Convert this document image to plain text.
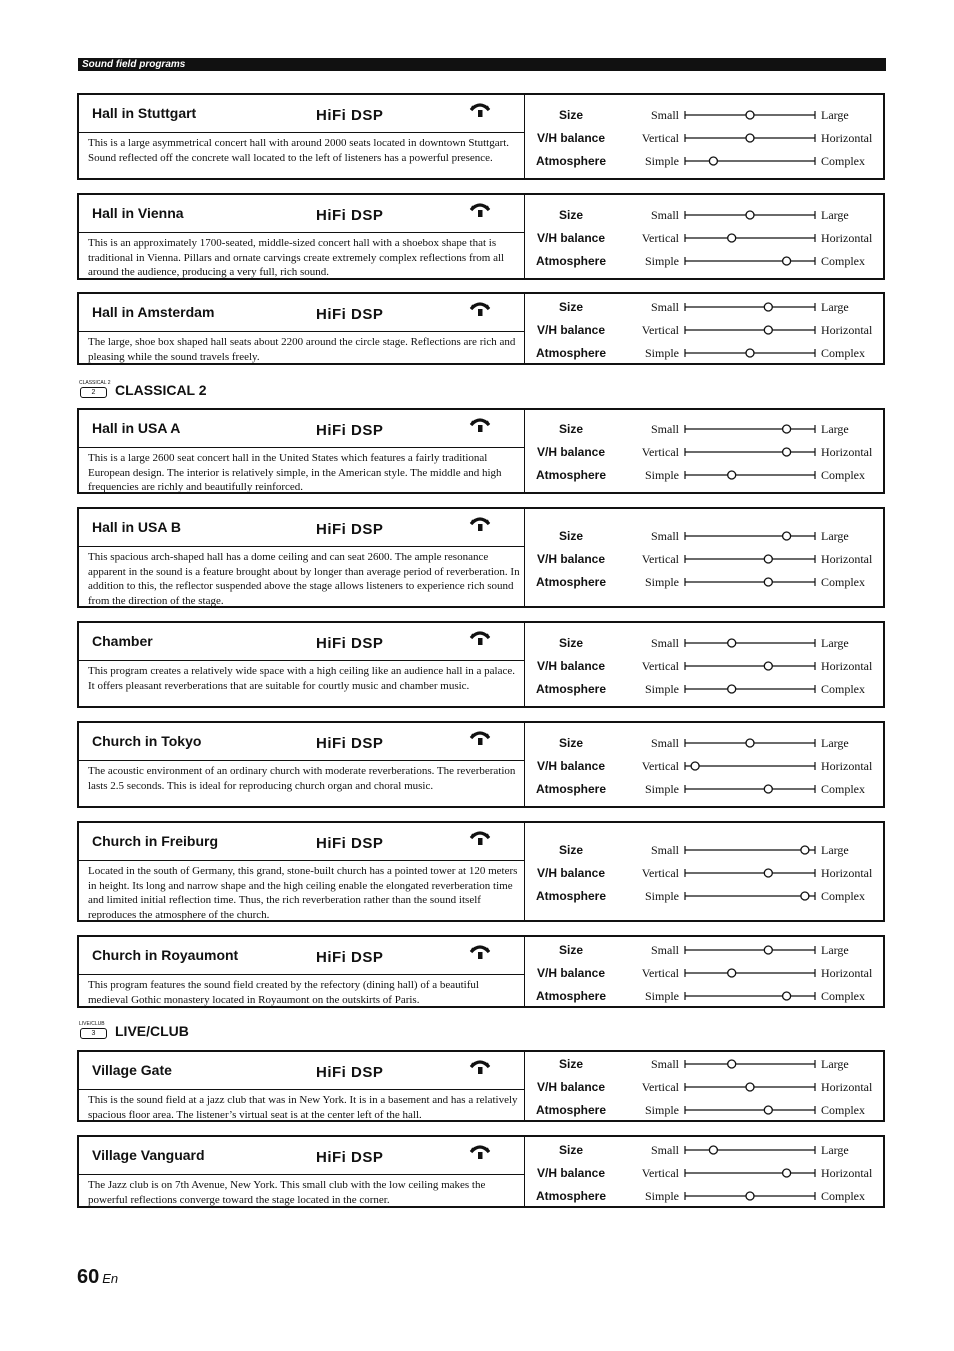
Sound field programs
Hall in Stuttgart	HiFi DSP
This is a large asymmetrical concert hall with around 2000 seats located in downtown Stuttgart. Sound reflected off the concrete wall located to the left of listeners has a powerful presence.
Size	Small	Large
V/H balance	Vertical	Horizontal
Atmosphere	Simple	Complex
Hall in Vienna	HiFi DSP
This is an approximately 1700-seated, middle-sized concert hall with a shoebox shape that is traditional in Vienna. Pillars and ornate carvings create extremely complex reflections from all around the audience, producing a very full, rich sound.
Size	Small	Large
V/H balance	Vertical	Horizontal
Atmosphere	Simple	Complex
Hall in Amsterdam	HiFi DSP
The large, shoe box shaped hall seats about 2200 around the circle stage. Reflections are rich and pleasing while the sound travels freely.
Size	Small	Large
V/H balance	Vertical	Horizontal
Atmosphere	Simple	Complex
CLASSICAL 2
2	CLASSICAL 2
Hall in USA A	HiFi DSP
This is a large 2600 seat concert hall in the United States which features a fairly traditional European design. The interior is relatively simple, in the American style. The middle and high frequencies are richly and beautifully reinforced.
Size	Small	Large
V/H balance	Vertical	Horizontal
Atmosphere	Simple	Complex
Hall in USA B	HiFi DSP
This spacious arch-shaped hall has a dome ceiling and can seat 2600. The ample resonance apparent in the sound is a feature brought about by longer than average period of reverberation. In addition to this, the reflector suspended above the stage allows listeners to experience rich sound from the direction of the stage.
Size	Small	Large
V/H balance	Vertical	Horizontal
Atmosphere	Simple	Complex
Chamber	HiFi DSP
This program creates a relatively wide space with a high ceiling like an audience hall in a palace. It offers pleasant reverberations that are suitable for courtly music and chamber music.
Size	Small	Large
V/H balance	Vertical	Horizontal
Atmosphere	Simple	Complex
Church in Tokyo	HiFi DSP
The acoustic environment of an ordinary church with moderate reverberations. The reverberation lasts 2.5 seconds. This is ideal for reproducing church organ and choral music.
Size	Small	Large
V/H balance	Vertical	Horizontal
Atmosphere	Simple	Complex
Church in Freiburg	HiFi DSP
Located in the south of Germany, this grand, stone-built church has a pointed tower at 120 meters in height. Its long and narrow shape and the high ceiling enable the elongated reverberation time and limited initial reflection time. Thus, the rich reverberation rather than the sound itself reproduces the atmosphere of the church.
Size	Small	Large
V/H balance	Vertical	Horizontal
Atmosphere	Simple	Complex
Church in Royaumont	HiFi DSP
This program features the sound field created by the refectory (dining hall) of a beautiful medieval Gothic monastery located in Royaumont on the outskirts of Paris.
Size	Small	Large
V/H balance	Vertical	Horizontal
Atmosphere	Simple	Complex
LIVE/CLUB
3	LIVE/CLUB
Village Gate	HiFi DSP
This is the sound field at a jazz club that was in New York. It is in a basement and has a relatively spacious floor area. The listener’s virtual seat is at the center left of the hall.
Size	Small	Large
V/H balance	Vertical	Horizontal
Atmosphere	Simple	Complex
Village Vanguard	HiFi DSP
The Jazz club is on 7th Avenue, New York. This small club with the low ceiling makes the powerful reflections converge toward the stage located in the corner.
Size	Small	Large
V/H balance	Vertical	Horizontal
Atmosphere	Simple	Complex
60 En
